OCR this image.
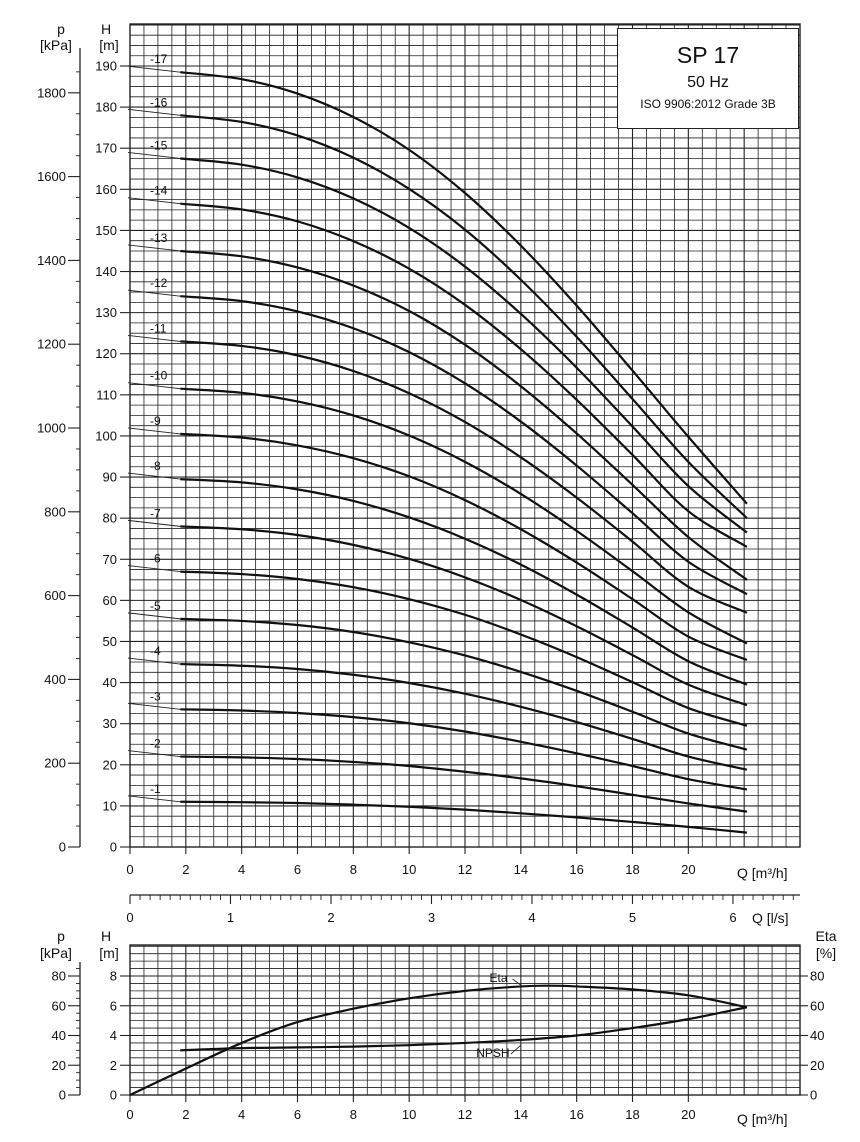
0
10
20
30
40
50
60
70
80
90
100
110
120
130
140
150
160
170
180
190
0
200
400
600
800
1000
1200
1400
1600
1800
0	2	4	6	8	10	12	14	16	18	20
0	1	2	3	4	5	6
0
2
4
6
8
0
20
40
60
80
0
20
40
60
80
0	2	4	6	8	10	12	14	16	18	20
-1
-2
-3
-4
-5
-6
-7
-8
-9
-10
-11
-12
-13
-14
-15
-16
-17
Eta
NPSH
p
[kPa]
H
[m]
Q [m³/h]
Q [l/s]
p
[kPa]
H
[m]
Eta
[%]
Q [m³/h]
SP 17
50 Hz
ISO 9906:2012 Grade 3B
